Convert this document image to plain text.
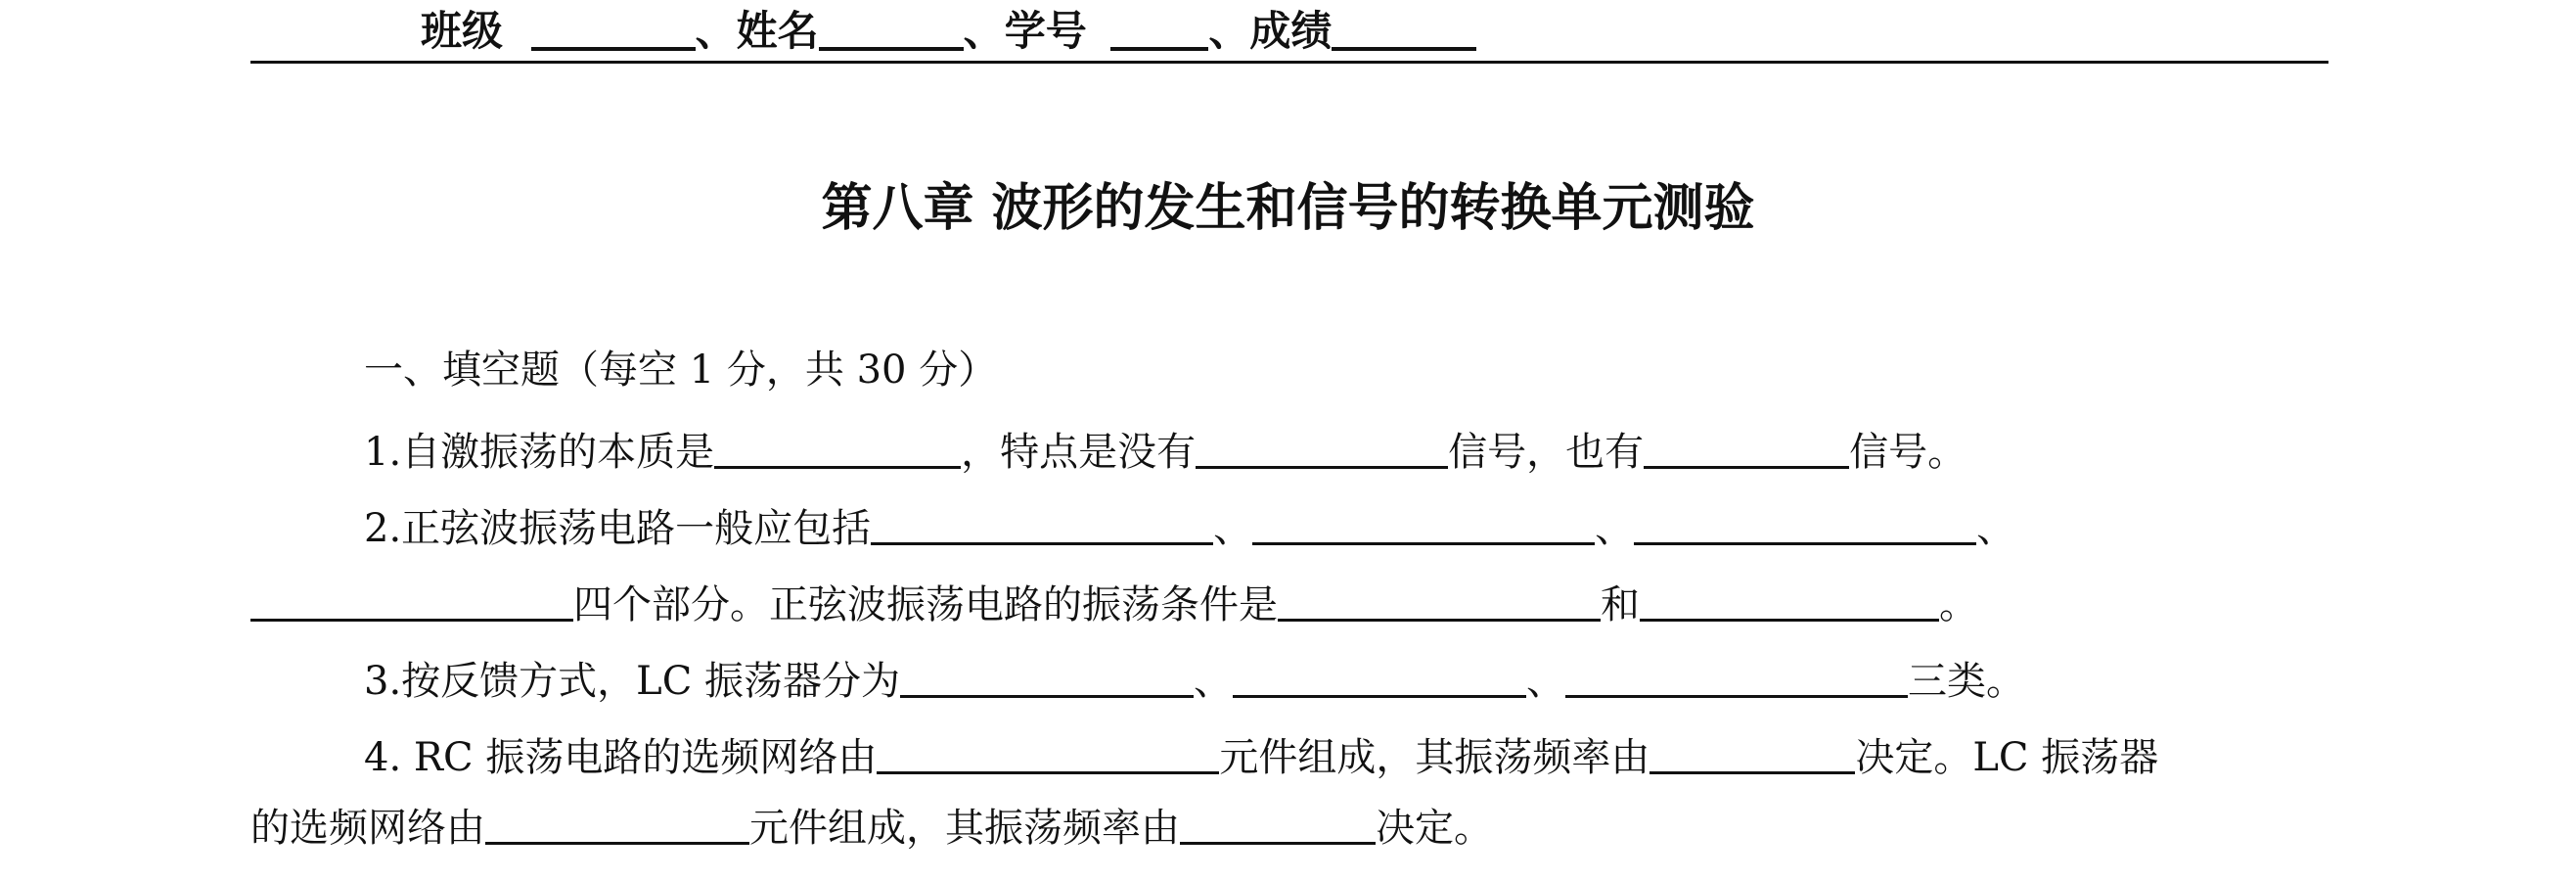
班级	、姓名	、学号	、成绩
第八章 波形的发生和信号的转换单元测验
一、填空题（每空 1 分，共 30 分）
1.自激振荡的本质是	，特点是没有	信号，也有	信号。
2.正弦波振荡电路一般应包括	、	、	、
四个部分。正弦波振荡电路的振荡条件是	和	。
3.按反馈方式，LC 振荡器分为	、	、	三类。
4. RC 振荡电路的选频网络由	元件组成，其振荡频率由	决定。LC 振荡器
的选频网络由	元件组成，其振荡频率由	决定。
